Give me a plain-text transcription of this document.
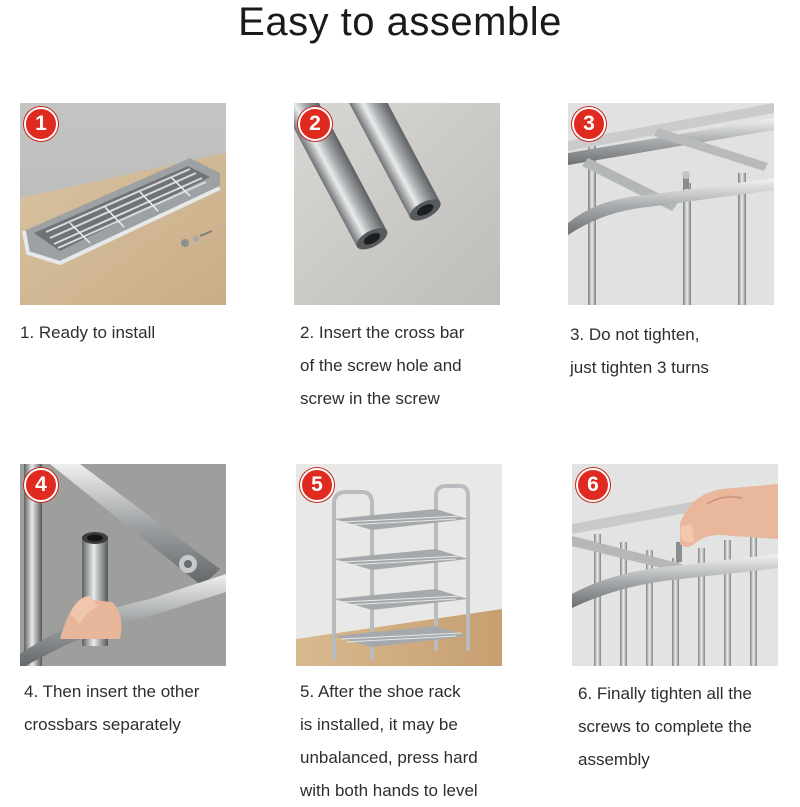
Easy to assemble
1
1. Ready to install
2
2. Insert the cross bar
of the screw hole and
screw in the screw
3
3. Do not tighten,
just tighten 3 turns
4
4. Then insert the other
crossbars separately
5
5. After the shoe rack
is installed, it may be
unbalanced, press hard
with both hands to level
6
6. Finally tighten all the
screws to complete the
assembly
